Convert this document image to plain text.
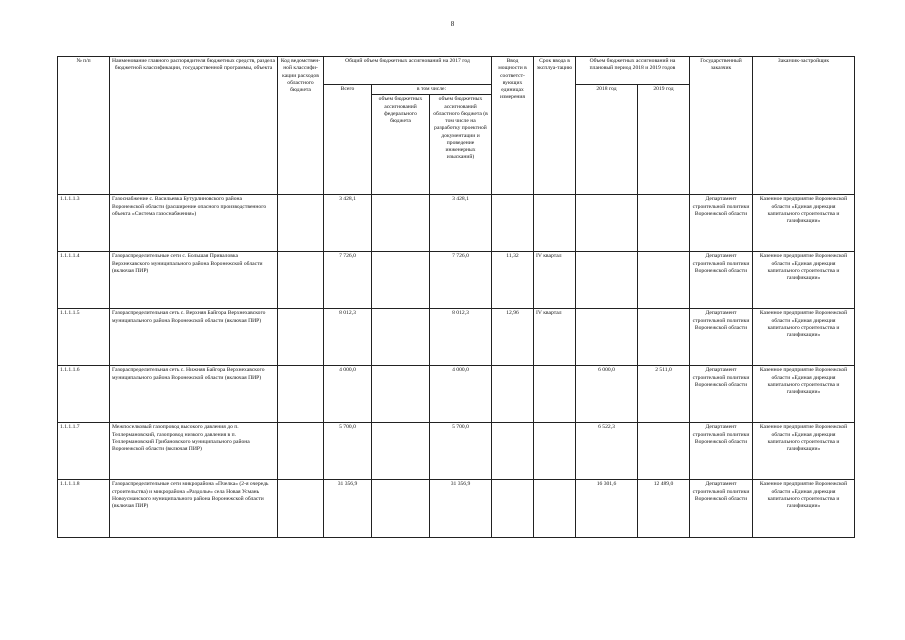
8
№ п/п	Наименование главного распорядителя бюджетных средств, раздела бюджетной классификации, государственной программы, объекта	Код ведомствен-ной классифи-кации расходов областного бюджета	Общий объем бюджетных ассигнований на 2017 год			Ввод мощности в соответст-вующих единицах измерения	Срок ввода в эксплуа-тацию	Объем бюджетных ассигнований на плановый период 2018 и 2019 годов		Государственный заказчик	Заказчик-застройщик
			Всего	в том числе:				2018 год	2019 год		
				объем бюджетных ассигнований федерального бюджета	объем бюджетных ассигнований областного бюджета (в том числе на разработку проектной документации и проведение инженерных изысканий)						
1.1.1.1.3	Газоснабжение с. Васильевка Бутурлиновского района Воронежской области (расширение опасного производственного объекта «Система газоснабжения»)		3 428,1		3 428,1					Департамент строительной политики Воронежской области	Казенное предприятие Воронежской области «Единая дирекция капитального строительства и газификации»
1.1.1.1.4	Газораспределительные сети с. Большая Приваловка Верхнехавского муниципального района Воронежской области (включая ПИР)		7 726,0		7 726,0	11,32	IV квартал			Департамент строительной политики Воронежской области	Казенное предприятие Воронежской области «Единая дирекция капитального строительства и газификации»
1.1.1.1.5	Газораспределительная сеть с. Верхняя Байгора Верхнехавского муниципального района Воронежской области (включая ПИР)		8 012,3		8 012,3	12,96	IV квартал			Департамент строительной политики Воронежской области	Казенное предприятие Воронежской области «Единая дирекция капитального строительства и газификации»
1.1.1.1.6	Газораспределительная сеть с. Нижняя Байгора Верхнехавского муниципального района Воронежской области (включая ПИР)		4 000,0		4 000,0			6 000,0	2 511,0	Департамент строительной политики Воронежской области	Казенное предприятие Воронежской области «Единая дирекция капитального строительства и газификации»
1.1.1.1.7	Межпоселковый газопровод высокого давления до п. Теллермановский, газопровод низкого давления в п. Теллермановский Грибановского муниципального района Воронежской области (включая ПИР)		5 700,0		5 700,0			6 522,3		Департамент строительной политики Воронежской области	Казенное предприятие Воронежской области «Единая дирекция капитального строительства и газификации»
1.1.1.1.8	Газораспределительные сети микрорайона «Пчелка» (2-я очередь строительства) и микрорайона «Раздолье» села Новая Усмань Новоусманского муниципального района Воронежской области (включая ПИР)		31 356,9		31 356,9			16 301,6	12 489,0	Департамент строительной политики Воронежской области	Казенное предприятие Воронежской области «Единая дирекция капитального строительства и газификации»
